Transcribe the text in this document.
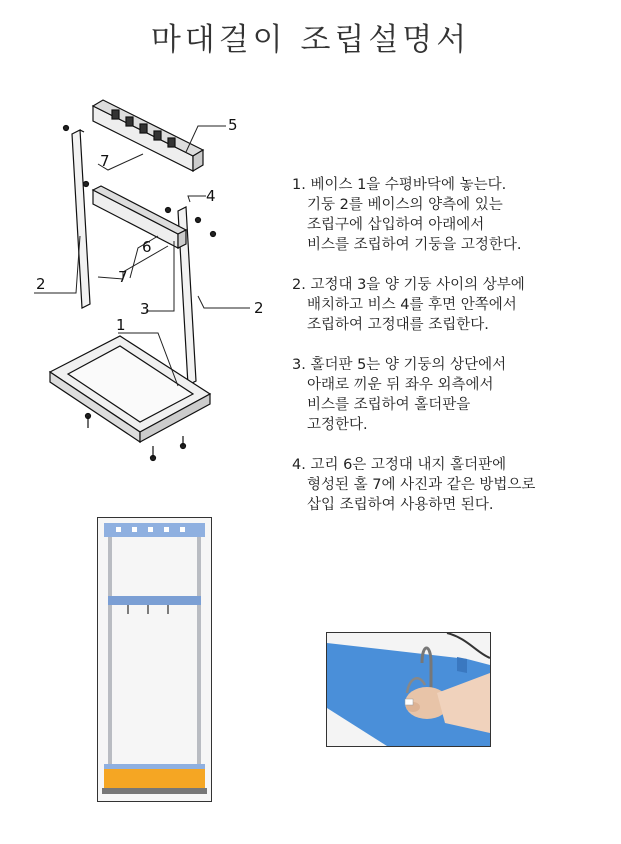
마대걸이 조립설명서
5
7
4
6
7
2
2
3
1
1. 베이스 1을 수평바닥에 놓는다.
기둥 2를 베이스의 양측에 있는
조립구에 삽입하여 아래에서
비스를 조립하여 기둥을 고정한다.
2. 고정대 3을 양 기둥 사이의 상부에
배치하고 비스 4를 후면 안쪽에서
조립하여 고정대를 조립한다.
3. 홀더판 5는 양 기둥의 상단에서
아래로 끼운 뒤 좌우 외측에서
비스를 조립하여 홀더판을
고정한다.
4. 고리 6은 고정대 내지 홀더판에
형성된 홀 7에 사진과 같은 방법으로
삽입 조립하여 사용하면 된다.
